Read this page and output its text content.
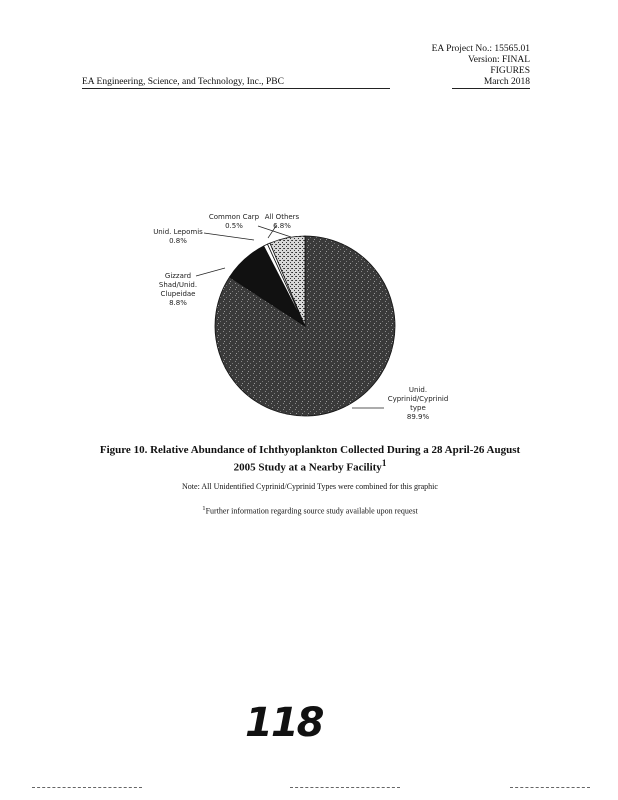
EA Engineering, Science, and Technology, Inc., PBC
EA Project No.: 15565.01
Version: FINAL
FIGURES
March 2018
Unid.
Cyprinid/Cyprinid
type
89.9%
Gizzard
Shad/Unid.
Clupeidae
8.8%
Unid. Lepomis
0.8%
Common Carp
0.5%
All Others
6.8%
Figure 10. Relative Abundance of Ichthyoplankton Collected During a 28 April-26 August
2005 Study at a Nearby Facility$^1$
Note: All Unidentified Cyprinid/Cyprinid Types were combined for this graphic
$^1$Further information regarding source study available upon request
118
